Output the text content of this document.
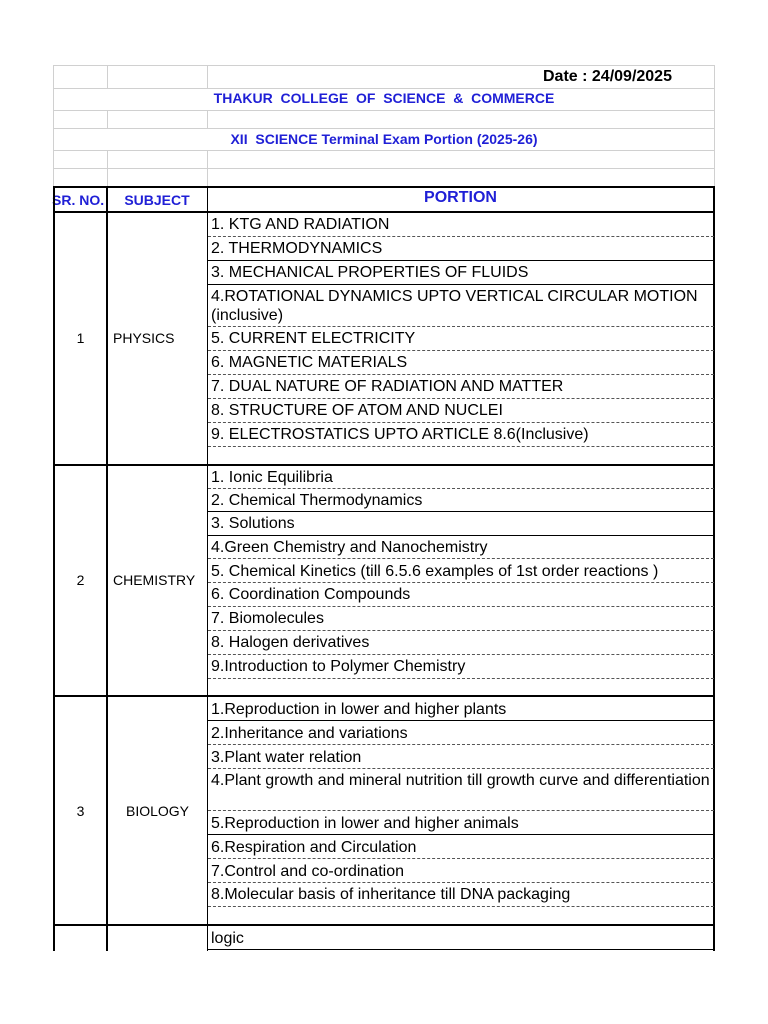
Date : 24/09/2025
THAKUR  COLLEGE  OF  SCIENCE  &  COMMERCE
XII  SCIENCE Terminal Exam Portion (2025-26)
SR. NO.	SUBJECT	PORTION
1	PHYSICS
1. KTG AND RADIATION
2. THERMODYNAMICS
3. MECHANICAL PROPERTIES OF FLUIDS
4.ROTATIONAL DYNAMICS UPTO VERTICAL CIRCULAR MOTION (inclusive)
5. CURRENT ELECTRICITY
6. MAGNETIC MATERIALS
7. DUAL NATURE OF RADIATION AND MATTER
8. STRUCTURE OF ATOM AND NUCLEI
9. ELECTROSTATICS UPTO ARTICLE 8.6(Inclusive)
2	CHEMISTRY
1. Ionic Equilibria
2. Chemical Thermodynamics
3. Solutions
4.Green Chemistry and Nanochemistry
5. Chemical Kinetics (till 6.5.6 examples of 1st order reactions )
6. Coordination Compounds
7. Biomolecules
8. Halogen derivatives
9.Introduction to Polymer Chemistry
3	BIOLOGY
1.Reproduction in lower and higher plants
2.Inheritance and variations
3.Plant water relation
4.Plant growth and mineral nutrition till growth curve and differentiation
5.Reproduction in lower and higher animals
6.Respiration and Circulation
7.Control and co-ordination
8.Molecular basis of inheritance till DNA packaging
logic
